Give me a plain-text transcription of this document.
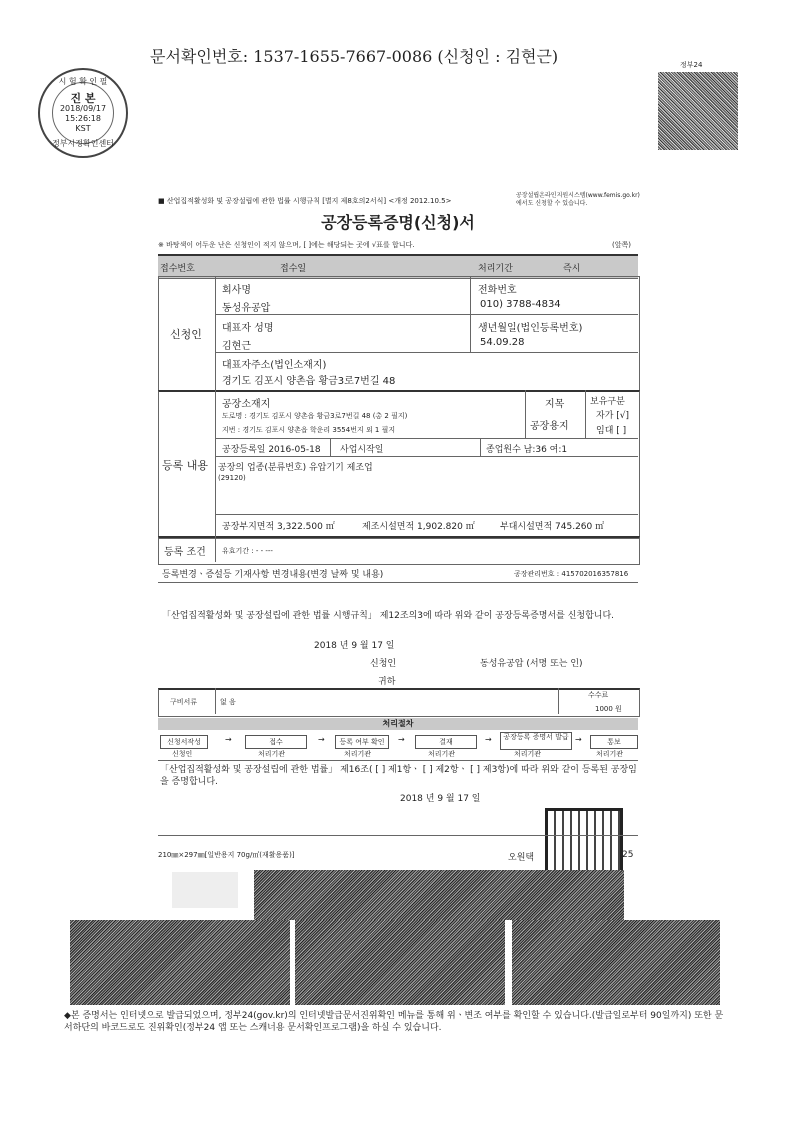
문서확인번호: 1537-1655-7667-0086 (신청인 : 김현근)
시 험 확 인 필
진 본
2018/09/17
15:26:18
KST
정부시정확인센터
정부24
■ 산업집적활성화 및 공장설립에 관한 법률 시행규칙 [별지 제8호의2서식] <개정 2012.10.5>
공장설립온라인지원시스템(www.femis.go.kr)에서도 신청할 수 있습니다.
공장등록증명(신청)서
※ 바탕색이 어두운 난은 신청인이 적지 않으며, [ ]에는 해당되는 곳에 √표를 합니다.	(앞쪽)
접수번호	접수일	처리기간	즉시
신청인
회사명
동성유공압
전화번호
010) 3788-4834
대표자 성명
김현근
생년월일(법인등록번호)
54.09.28
대표자주소(법인소재지)
경기도 김포시 양촌읍 황금3로7번길 48
등록 내용
공장소재지
도로명 : 경기도 김포시 양촌읍 황금3로7번길 48 (총 2 필지)
지번 : 경기도 김포시 양촌읍 학운리 3554번지 외 1 필지
지목
공장용지
보유구분
자가 [√]
임대 [ ]
공장등록일 2016-05-18 사업시작일	종업원수 남:36 여:1
공장의 업종(분류번호) 유압기기 제조업
(29120)
공장부지면적 3,322.500 ㎡	제조시설면적 1,902.820 ㎡	부대시설면적 745.260 ㎡
등록 조건 유효기간 : - - ---
등록변경ㆍ증설등 기재사항 변경내용(변경 날짜 및 내용)	공장관리번호 : 415702016357816
「산업집적활성화 및 공장설립에 관한 법률 시행규칙」 제12조의3에 따라 위와 같이 공장등록증명서를 신청합니다.
2018 년 9 월 17 일
신청인	동성유공압 (서명 또는 인)
귀하
구비서류	없 음
수수료
1000 원
처리절차
신청서작성
신청인
→	접수
처리기관
→	등록 여부 확인
처리기관
→	결재
처리기관
→	공장등록 증명서 발급
처리기관
→	통보
처리기관
「산업집적활성화 및 공장설립에 관한 법률」 제16조( [ ] 제1항ㆍ [ ] 제2항ㆍ [ ] 제3항)에 따라 위와 같이 등록된 공장임을 증명합니다.
2018 년 9 월 17 일
210㎜×297㎜[일반용지 70g/㎡(재활용품)]	오원택	25
◆본 증명서는 인터넷으로 발급되었으며, 정부24(gov.kr)의 인터넷발급문서진위확인 메뉴를 통해 위ㆍ변조 여부를 확인할 수 있습니다.(발급일로부터 90일까지) 또한 문서하단의 바코드로도 진위확인(정부24 앱 또는 스캐너용 문서확인프로그램)을 하실 수 있습니다.
